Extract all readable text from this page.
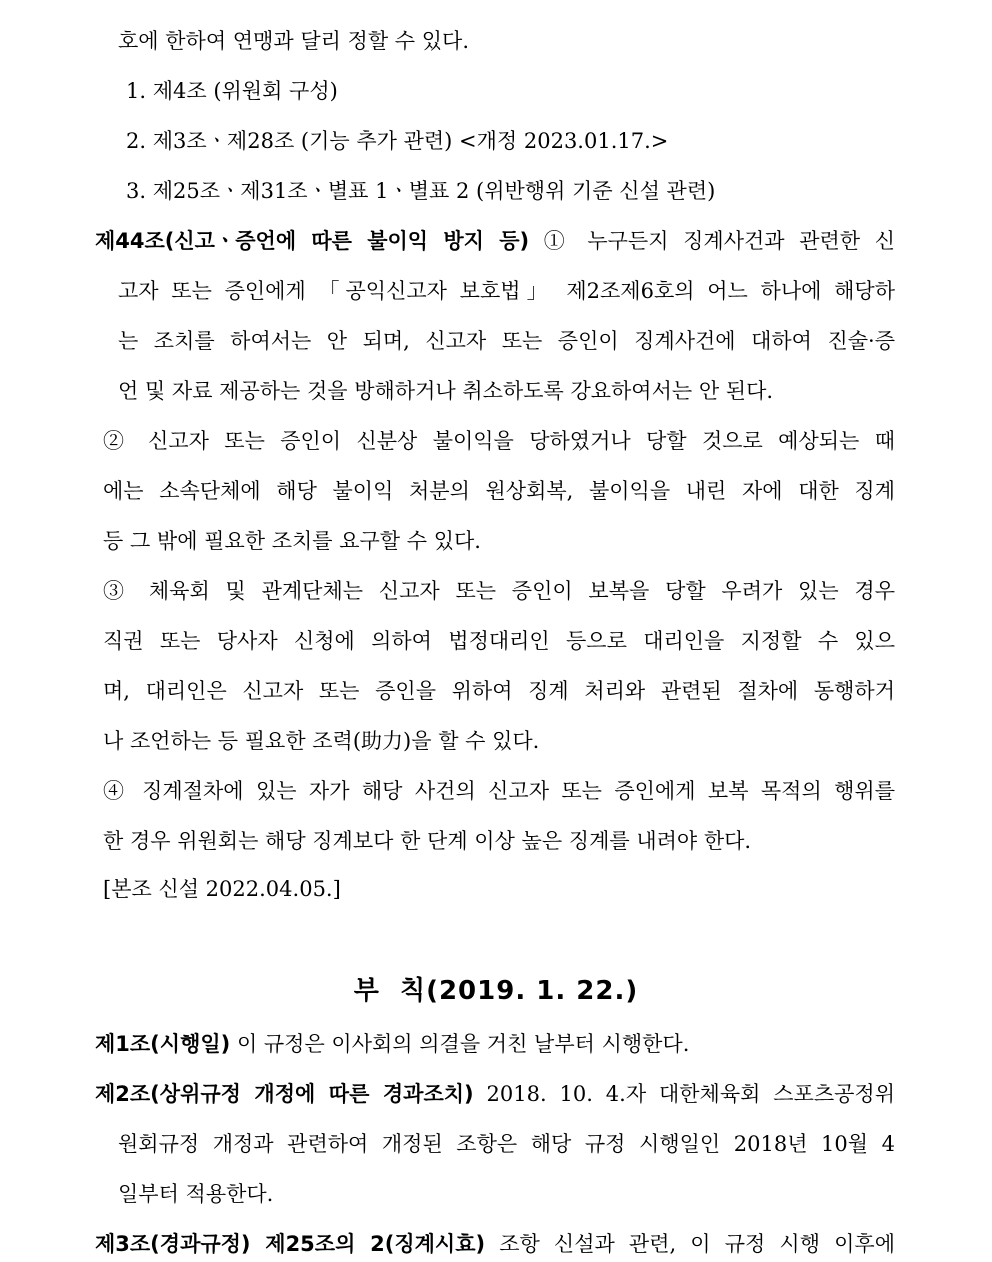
호에 한하여 연맹과 달리 정할 수 있다.
1. 제4조 (위원회 구성)
2. 제3조ㆍ제28조 (기능 추가 관련) <개정 2023.01.17.>
3. 제25조ㆍ제31조ㆍ별표 1ㆍ별표 2 (위반행위 기준 신설 관련)
제44조(신고ㆍ증언에 따른 불이익 방지 등) ① 누구든지 징계사건과 관련한 신
고자 또는 증인에게 「공익신고자 보호법」 제2조제6호의 어느 하나에 해당하
는 조치를 하여서는 안 되며, 신고자 또는 증인이 징계사건에 대하여 진술·증
언 및 자료 제공하는 것을 방해하거나 취소하도록 강요하여서는 안 된다.
② 신고자 또는 증인이 신분상 불이익을 당하였거나 당할 것으로 예상되는 때
에는 소속단체에 해당 불이익 처분의 원상회복, 불이익을 내린 자에 대한 징계
등 그 밖에 필요한 조치를 요구할 수 있다.
③ 체육회 및 관계단체는 신고자 또는 증인이 보복을 당할 우려가 있는 경우
직권 또는 당사자 신청에 의하여 법정대리인 등으로 대리인을 지정할 수 있으
며, 대리인은 신고자 또는 증인을 위하여 징계 처리와 관련된 절차에 동행하거
나 조언하는 등 필요한 조력(助力)을 할 수 있다.
④ 징계절차에 있는 자가 해당 사건의 신고자 또는 증인에게 보복 목적의 행위를
한 경우 위원회는 해당 징계보다 한 단계 이상 높은 징계를 내려야 한다.
[본조 신설 2022.04.05.]
부  칙(2019. 1. 22.)
제1조(시행일) 이 규정은 이사회의 의결을 거친 날부터 시행한다.
제2조(상위규정 개정에 따른 경과조치) 2018. 10. 4.자 대한체육회 스포츠공정위
원회규정 개정과 관련하여 개정된 조항은 해당 규정 시행일인 2018년 10월 4
일부터 적용한다.
제3조(경과규정) 제25조의 2(징계시효) 조항 신설과 관련, 이 규정 시행 이후에
